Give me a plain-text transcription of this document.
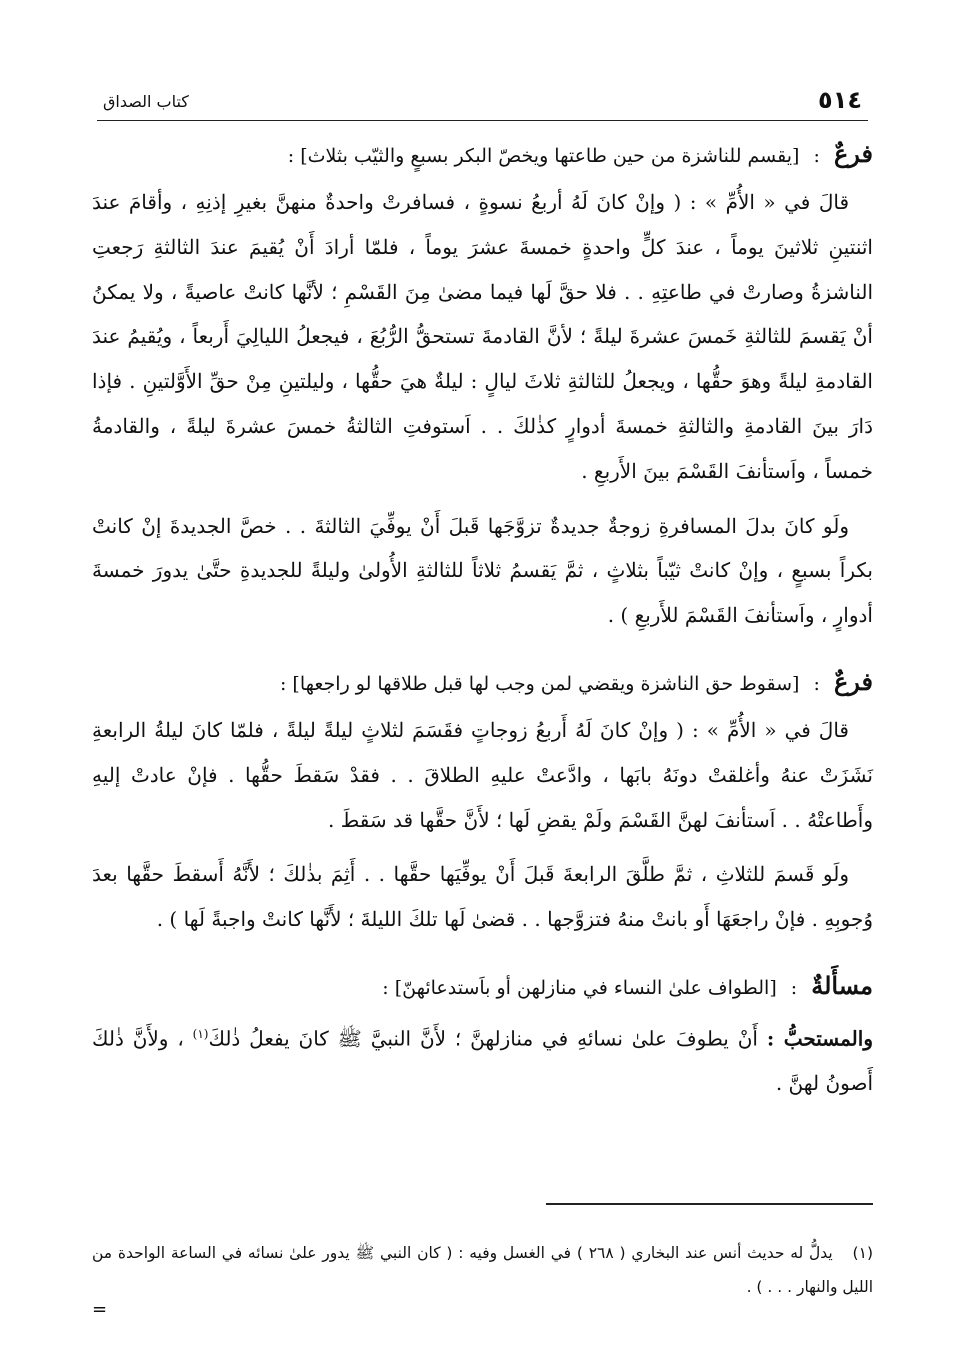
٥١٤
كتاب الصداق
فرعٌ : [يقسم للناشزة من حين طاعتها ويخصّ البكر بسبعٍ والثيّب بثلاث] :

قالَ في « الأُمِّ » : ( وإنْ كانَ لَهُ أربعُ نسوةٍ ، فسافرتْ واحدةٌ منهنَّ بغيرِ إذنِهِ ، وأقامَ عندَ اثنتينِ ثلاثينَ يوماً ، عندَ كلٍّ واحدةٍ خمسةَ عشرَ يوماً ، فلمّا أرادَ أَنْ يُقيمَ عندَ الثالثةِ رَجعتِ الناشزةُ وصارتْ في طاعتِهِ . . فلا حقَّ لَها فيما مضىٰ مِنَ القَسْمِ ؛ لأنَّها كانتْ عاصيةً ، ولا يمكنُ أنْ يَقسمَ للثالثةِ خَمسَ عشرةَ ليلةً ؛ لأنَّ القادمةَ تستحقُّ الرُّبُعَ ، فيجعلُ الليالِيَ أَربعاً ، ويُقيمُ عندَ القادمةِ ليلةً وهوَ حقُّها ، ويجعلُ للثالثةِ ثلاثَ ليالٍ : ليلةٌ هيَ حقُّها ، وليلتينِ مِنْ حقِّ الأَوَّلتينِ . فإذا دَارَ بينَ القادمةِ والثالثةِ خمسةَ أدوارٍ كذٰلكَ . . اَستوفتِ الثالثةُ خمسَ عشرةَ ليلةً ، والقادمةُ خمساً ، واَستأنفَ القَسْمَ بينَ الأَربعِ .

ولَو كانَ بدلَ المسافرةِ زوجةٌ جديدةٌ تزوَّجَها قَبلَ أَنْ يوفِّيَ الثالثةَ . . خصَّ الجديدةَ إنْ كانتْ بكراً بسبعٍ ، وإنْ كانتْ ثيّباً بثلاثٍ ، ثمَّ يَقسمُ ثلاثاً للثالثةِ الأُولىٰ وليلةً للجديدةِ حتَّىٰ يدورَ خمسةَ أدوارٍ ، واَستأنفَ القَسْمَ للأَربعِ ) .

فرعٌ : [سقوط حق الناشزة ويقضي لمن وجب لها قبل طلاقها لو راجعها] :

قالَ في « الأُمِّ » : ( وإنْ كانَ لَهُ أَربعُ زوجاتٍ فقَسَمَ لثلاثٍ ليلةً ليلةً ، فلمّا كانَ ليلةُ الرابعةِ نَشَزَتْ عنهُ وأغلقتْ دونَهُ بابَها ، وادَّعتْ عليهِ الطلاقَ . . فقدْ سَقطَ حقُّها . فإنْ عادتْ إليهِ وأَطاعتْهُ . . اَستأنفَ لهنَّ القَسْمَ ولَمْ يقضِ لَها ؛ لأَنَّ حقَّها قد سَقطَ .

ولَو قَسمَ للثلاثِ ، ثمَّ طلَّقَ الرابعةَ قَبلَ أَنْ يوفِّيَها حقَّها . . أَثِمَ بذٰلكَ ؛ لأَنَّهُ أَسقطَ حقَّها بعدَ وُجوبِهِ . فإنْ راجعَهَا أَو بانتْ منهُ فتزوَّجها . . قضىٰ لَها تلكَ الليلةَ ؛ لأَنَّها كانتْ واجبةً لَها ) .

مسأَلةٌ : [الطواف علىٰ النساء في منازلهن أو باَستدعائهنّ] :

والمستحبُّ : أَنْ يطوفَ علىٰ نسائهِ في منازلهنَّ ؛ لأَنَّ النبيَّ ﷺ كانَ يفعلُ ذٰلكَ$^{(١)}$ ، ولأَنَّ ذٰلكَ أَصونُ لهنَّ .

(١) يدلُّ له حديث أنس عند البخاري ( ٢٦٨ ) في الغسل وفيه : ( كان النبي ﷺ يدور علىٰ نسائه في الساعة الواحدة من الليل والنهار . . . ) .
=
